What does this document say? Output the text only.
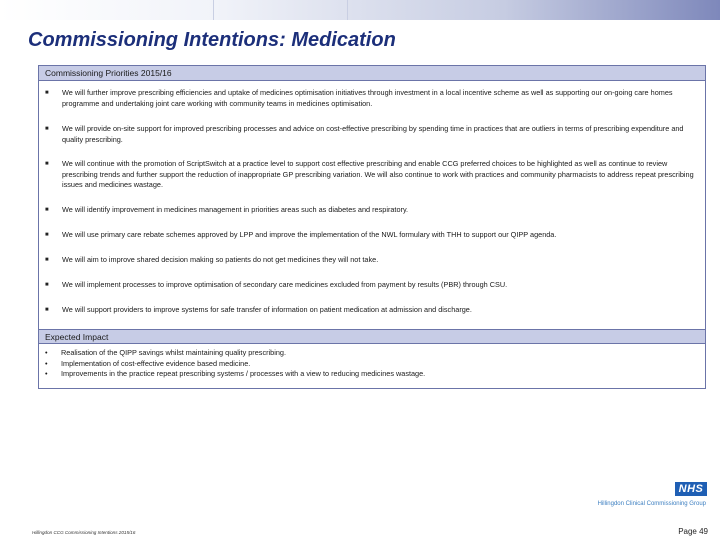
Commissioning Intentions: Medication
Commissioning Priorities 2015/16
■	We will further improve prescribing efficiencies and uptake of medicines optimisation initiatives through investment in a local incentive scheme as well as supporting our on-going care homes programme and undertaking joint care working with community teams in medicines optimisation.
■	We will provide on-site support for improved prescribing processes and advice on cost-effective prescribing by spending time in practices that are outliers in terms of prescribing expenditure and quality prescribing.
■	We will continue with the promotion of ScriptSwitch at a practice level to support cost effective prescribing and enable CCG preferred choices to be highlighted as well as continue to review prescribing trends and further support the reduction of inappropriate GP prescribing variation. We will also continue to work with practices and community pharmacists to address repeat prescribing issues and medicines wastage.
■	We will identify improvement in medicines management in priorities areas such as diabetes and respiratory.
■	We will use primary care rebate schemes approved by LPP and improve the implementation of the NWL formulary with THH to support our QIPP agenda.
■	We will aim to improve shared decision making so patients do not get medicines they will not take.
■	We will implement processes to improve optimisation of secondary care medicines excluded from payment by results (PBR) through CSU.
■	We will support providers to improve systems for safe transfer of information on patient medication at admission and discharge.
Expected Impact
•	Realisation of the QIPP savings whilst maintaining quality prescribing.
•	Implementation of cost-effective evidence based medicine.
•	Improvements in the practice repeat prescribing systems / processes with a view to reducing medicines wastage.
NHS
Hillingdon Clinical Commissioning Group
Hillingdon CCG Commissioning Intentions 2015/16	Page 49
